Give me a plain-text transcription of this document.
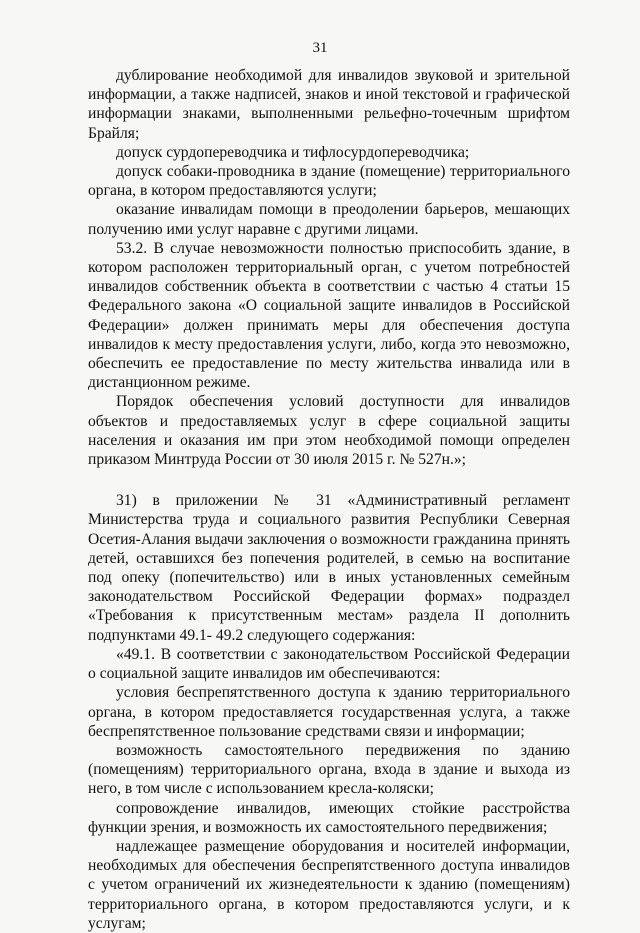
31

дублирование необходимой для инвалидов звуковой и зрительной информации, а также надписей, знаков и иной текстовой и графической информации знаками, выполненными рельефно-точечным шрифтом Брайля;

допуск сурдопереводчика и тифлосурдопереводчика;

допуск собаки-проводника в здание (помещение) территориального органа, в котором предоставляются услуги;

оказание инвалидам помощи в преодолении барьеров, мешающих получению ими услуг наравне с другими лицами.

53.2. В случае невозможности полностью приспособить здание, в котором расположен территориальный орган, с учетом потребностей инвалидов собственник объекта в соответствии с частью 4 статьи 15 Федерального закона «О социальной защите инвалидов в Российской Федерации» должен принимать меры для обеспечения доступа инвалидов к месту предоставления услуги, либо, когда это невозможно, обеспечить ее предоставление по месту жительства инвалида или в дистанционном режиме.

Порядок обеспечения условий доступности для инвалидов объектов и предоставляемых услуг в сфере социальной защиты населения и оказания им при этом необходимой помощи определен приказом Минтруда России от 30 июля 2015 г. № 527н.»;

31) в приложении № 31 «Административный регламент Министерства труда и социального развития Республики Северная Осетия-Алания выдачи заключения о возможности гражданина принять детей, оставшихся без попечения родителей, в семью на воспитание под опеку (попечительство) или в иных установленных семейным законодательством Российской Федерации формах» подраздел «Требования к присутственным местам» раздела II дополнить подпунктами 49.1- 49.2 следующего содержания:

«49.1. В соответствии с законодательством Российской Федерации о социальной защите инвалидов им обеспечиваются:

условия беспрепятственного доступа к зданию территориального органа, в котором предоставляется государственная услуга, а также беспрепятственное пользование средствами связи и информации;

возможность самостоятельного передвижения по зданию (помещениям) территориального органа, входа в здание и выхода из него, в том числе с использованием кресла-коляски;

сопровождение инвалидов, имеющих стойкие расстройства функции зрения, и возможность их самостоятельного передвижения;

надлежащее размещение оборудования и носителей информации, необходимых для обеспечения беспрепятственного доступа инвалидов с учетом ограничений их жизнедеятельности к зданию (помещениям) территориального органа, в котором предоставляются услуги, и к услугам;
